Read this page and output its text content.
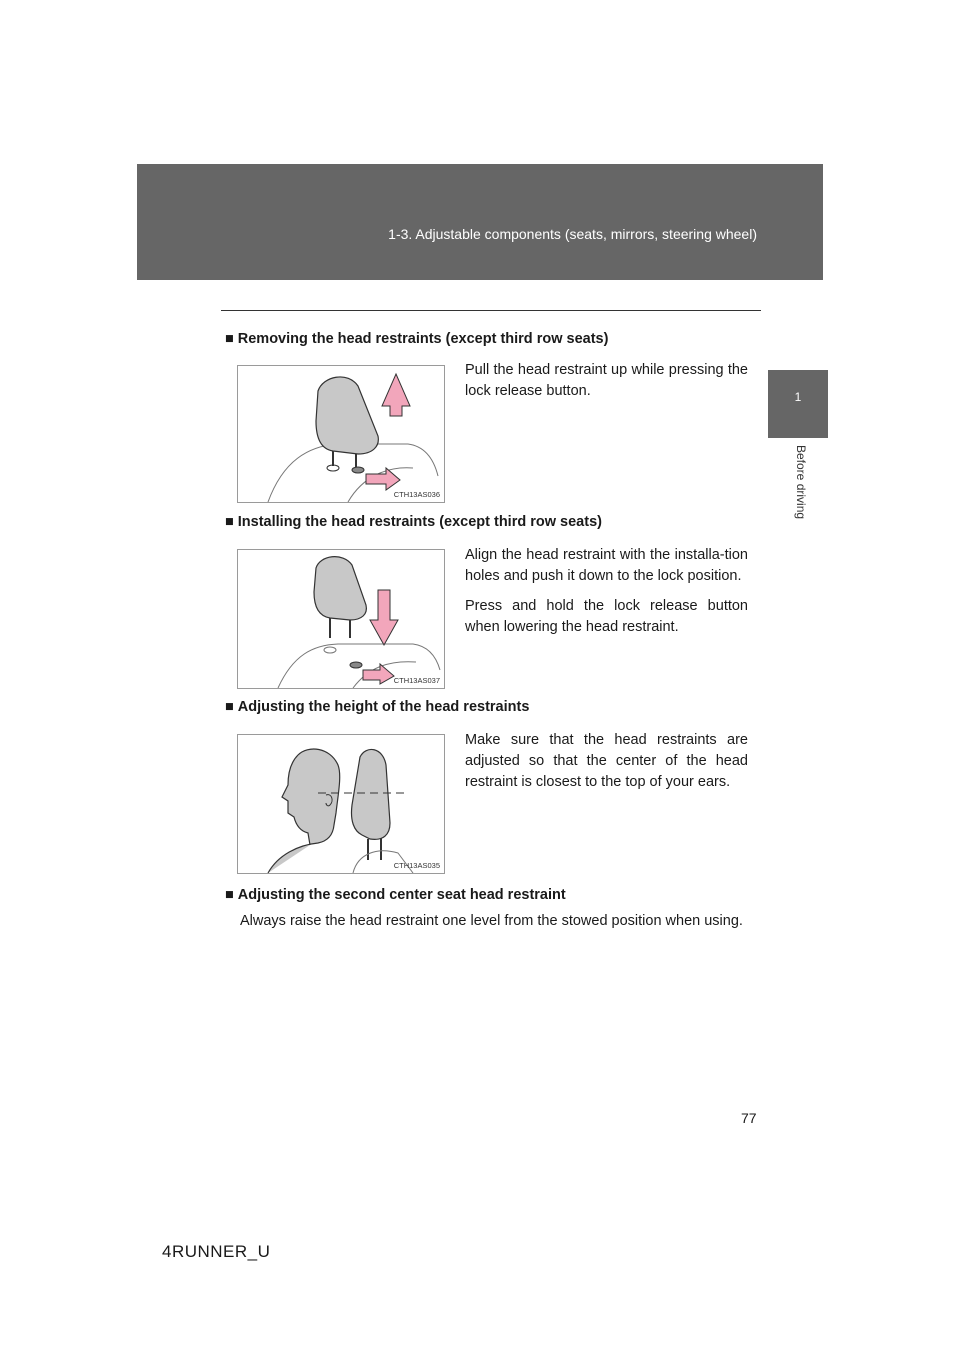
1-3. Adjustable components (seats, mirrors, steering wheel)
1
Before driving
■ Removing the head restraints (except third row seats)
CTH13AS036

Pull the head restraint up while pressing the lock release button.

■ Installing the head restraints (except third row seats)
CTH13AS037

Align the head restraint with the installa-tion holes and push it down to the lock position.

Press and hold the lock release button when lowering the head restraint.

■ Adjusting the height of the head restraints
CTH13AS035

Make sure that the head restraints are adjusted so that the center of the head restraint is closest to the top of your ears.

■ Adjusting the second center seat head restraint
Always raise the head restraint one level from the stowed position when using.
77
4RUNNER_U
